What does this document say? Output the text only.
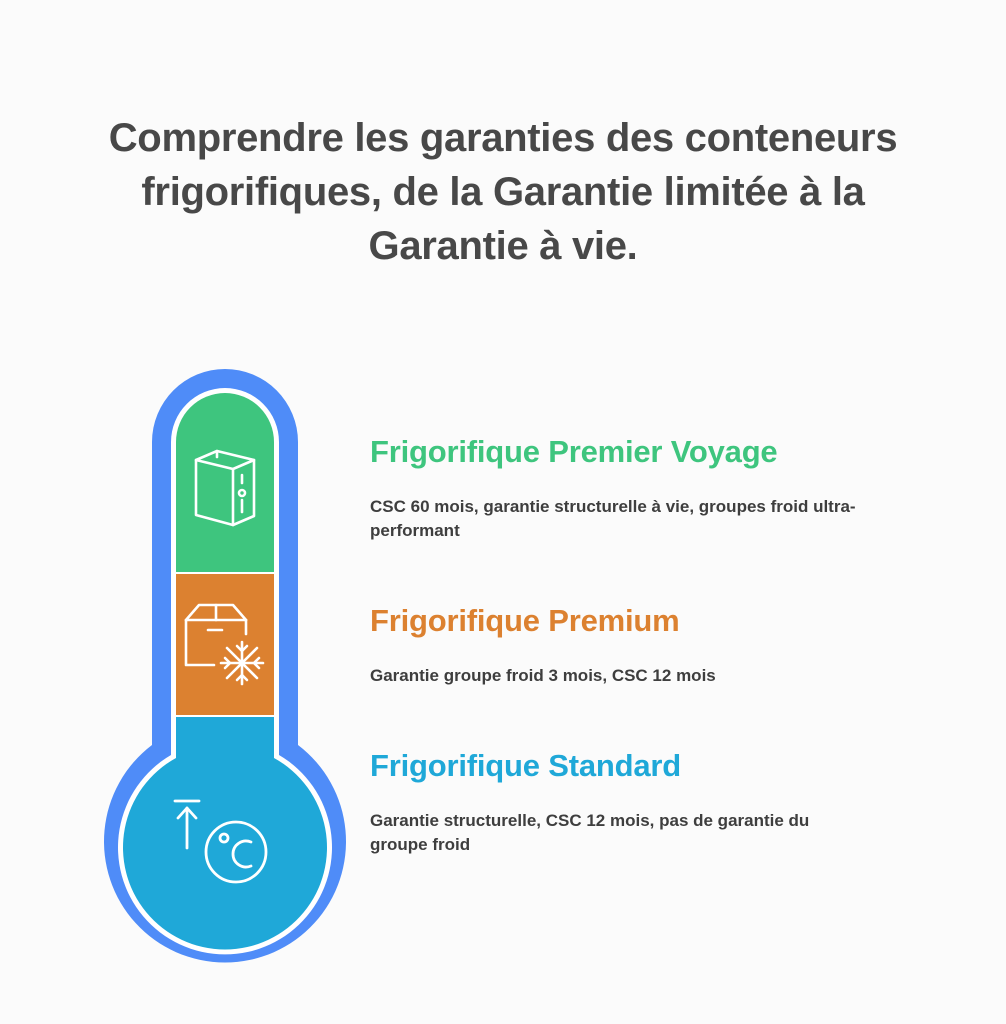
Comprendre les garanties des conteneurs frigorifiques, de la Garantie limitée à la Garantie à vie.
Frigorifique Premier Voyage
CSC 60 mois, garantie structurelle à vie, groupes froid ultra-performant
Frigorifique Premium
Garantie groupe froid 3 mois, CSC 12 mois
Frigorifique Standard
Garantie structurelle, CSC 12 mois, pas de garantie du groupe froid
